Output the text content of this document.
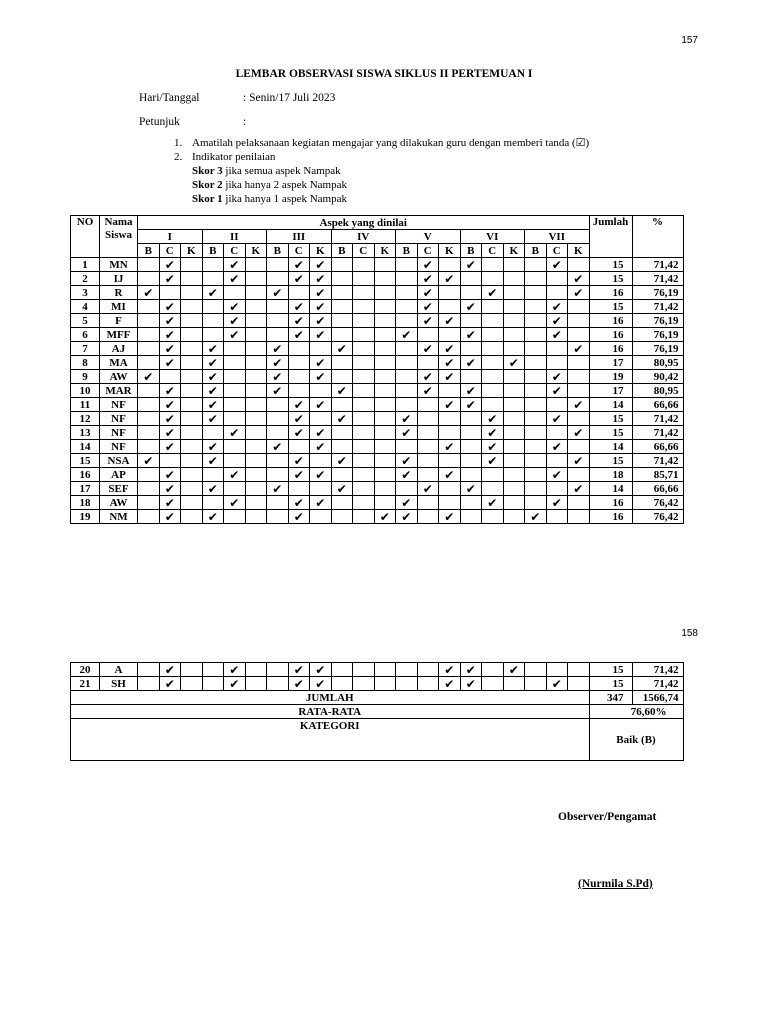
157
LEMBAR OBSERVASI SISWA SIKLUS II PERTEMUAN I
Hari/Tanggal	: Senin/17 Juli 2023
Petunjuk	:
1. Amatilah pelaksanaan kegiatan mengajar yang dilakukan guru dengan memberi tanda (☑)
2. Indikator penilaian
Skor 3 jika semua aspek Nampak
Skor 2 jika hanya 2 aspek Nampak
Skor 1 jika hanya 1 aspek Nampak
NO	Nama Siswa	Aspek yang dinilai																					Jumlah	%
		I			II			III			IV			V			VI			VII				
		B	C	K	B	C	K	B	C	K	B	C	K	B	C	K	B	C	K	B	C	K		
1	MN		✔			✔			✔	✔					✔		✔				✔		15	71,42
2	IJ		✔			✔			✔	✔					✔	✔						✔	15	71,42
3	R	✔			✔			✔		✔					✔			✔				✔	16	76,19
4	MI		✔			✔			✔	✔					✔		✔				✔		15	71,42
5	F		✔			✔			✔	✔					✔	✔					✔		16	76,19
6	MFF		✔			✔			✔	✔				✔			✔				✔		16	76,19
7	AJ		✔		✔			✔			✔				✔	✔						✔	16	76,19
8	MA		✔		✔			✔		✔						✔	✔		✔				17	80,95
9	AW	✔			✔			✔		✔					✔	✔					✔		19	90,42
10	MAR		✔		✔			✔			✔				✔		✔				✔		17	80,95
11	NF		✔		✔				✔	✔						✔	✔					✔	14	66,66
12	NF		✔		✔				✔		✔			✔				✔			✔		15	71,42
13	NF		✔			✔			✔	✔				✔				✔				✔	15	71,42
14	NF		✔		✔			✔		✔						✔		✔			✔		14	66,66
15	NSA	✔			✔				✔		✔			✔				✔				✔	15	71,42
16	AP		✔			✔			✔	✔				✔		✔					✔		18	85,71
17	SEF		✔		✔			✔			✔				✔		✔					✔	14	66,66
18	AW		✔			✔			✔	✔				✔				✔			✔		16	76,42
19	NM		✔		✔				✔				✔	✔		✔				✔			16	76,42
158
20	A		✔			✔			✔	✔						✔	✔		✔				15	71,42
21	SH		✔			✔			✔	✔						✔	✔				✔		15	71,42
JUMLAH																							347	1566,74
RATA-RATA																							76,60%	
KATEGORI																							Baik (B)	
Observer/Pengamat
(Nurmila S.Pd)
